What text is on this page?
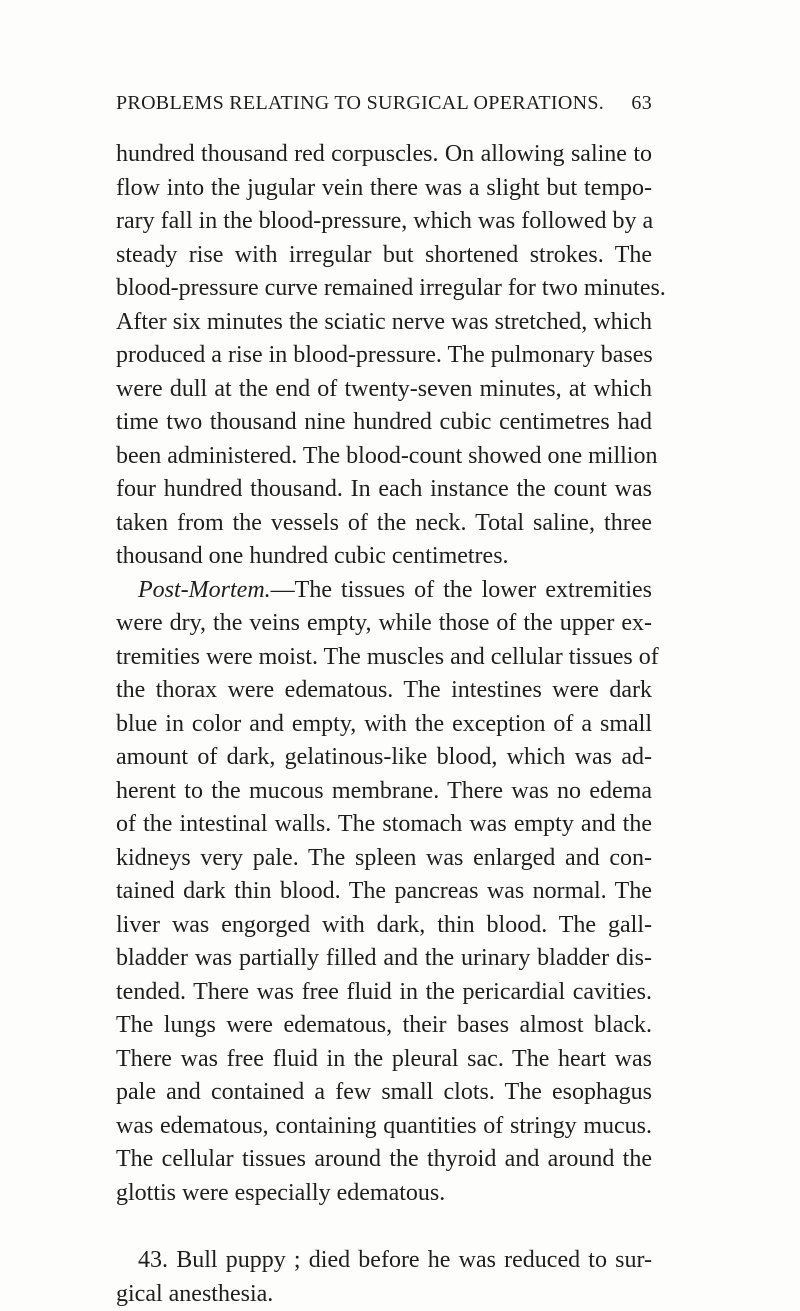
PROBLEMS RELATING TO SURGICAL OPERATIONS. 63
hundred thousand red corpuscles. On allowing saline to
flow into the jugular vein there was a slight but tempo-
rary fall in the blood-pressure, which was followed by a
steady rise with irregular but shortened strokes. The
blood-pressure curve remained irregular for two minutes.
After six minutes the sciatic nerve was stretched, which
produced a rise in blood-pressure. The pulmonary bases
were dull at the end of twenty-seven minutes, at which
time two thousand nine hundred cubic centimetres had
been administered. The blood-count showed one million
four hundred thousand. In each instance the count was
taken from the vessels of the neck. Total saline, three
thousand one hundred cubic centimetres.
Post-Mortem.—The tissues of the lower extremities
were dry, the veins empty, while those of the upper ex-
tremities were moist. The muscles and cellular tissues of
the thorax were edematous. The intestines were dark
blue in color and empty, with the exception of a small
amount of dark, gelatinous-like blood, which was ad-
herent to the mucous membrane. There was no edema
of the intestinal walls. The stomach was empty and the
kidneys very pale. The spleen was enlarged and con-
tained dark thin blood. The pancreas was normal. The
liver was engorged with dark, thin blood. The gall-
bladder was partially filled and the urinary bladder dis-
tended. There was free fluid in the pericardial cavities.
The lungs were edematous, their bases almost black.
There was free fluid in the pleural sac. The heart was
pale and contained a few small clots. The esophagus
was edematous, containing quantities of stringy mucus.
The cellular tissues around the thyroid and around the
glottis were especially edematous.
43. Bull puppy ; died before he was reduced to sur-
gical anesthesia.
